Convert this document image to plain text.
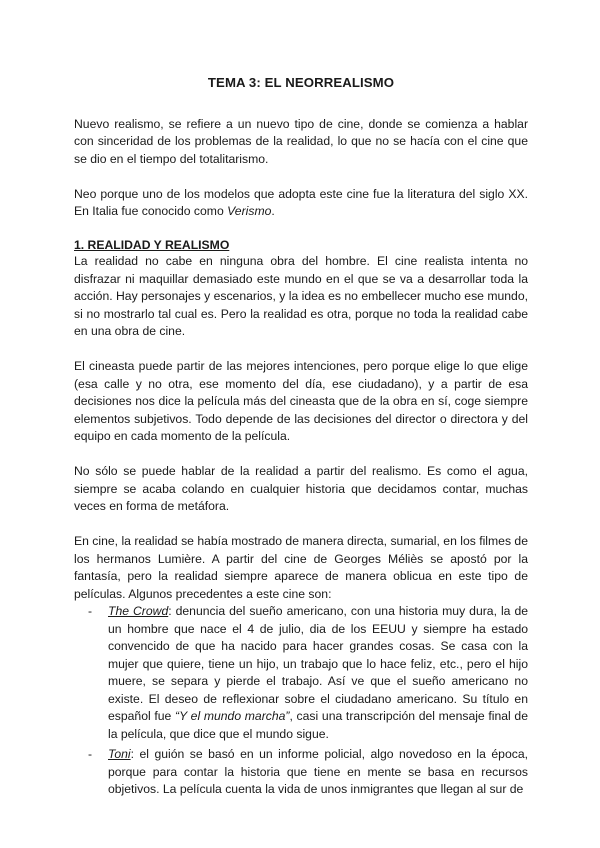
TEMA 3: EL NEORREALISMO

Nuevo realismo, se refiere a un nuevo tipo de cine, donde se comienza a hablar con sinceridad de los problemas de la realidad, lo que no se hacía con el cine que se dio en el tiempo del totalitarismo.

Neo porque uno de los modelos que adopta este cine fue la literatura del siglo XX. En Italia fue conocido como Verismo.

1. REALIDAD Y REALISMO

La realidad no cabe en ninguna obra del hombre. El cine realista intenta no disfrazar ni maquillar demasiado este mundo en el que se va a desarrollar toda la acción. Hay personajes y escenarios, y la idea es no embellecer mucho ese mundo, si no mostrarlo tal cual es. Pero la realidad es otra, porque no toda la realidad cabe en una obra de cine.

El cineasta puede partir de las mejores intenciones, pero porque elige lo que elige (esa calle y no otra, ese momento del día, ese ciudadano), y a partir de esa decisiones nos dice la película más del cineasta que de la obra en sí, coge siempre elementos subjetivos. Todo depende de las decisiones del director o directora y del equipo en cada momento de la película.

No sólo se puede hablar de la realidad a partir del realismo. Es como el agua, siempre se acaba colando en cualquier historia que decidamos contar, muchas veces en forma de metáfora.

En cine, la realidad se había mostrado de manera directa, sumarial, en los filmes de los hermanos Lumière. A partir del cine de Georges Méliès se apostó por la fantasía, pero la realidad siempre aparece de manera oblicua en este tipo de películas. Algunos precedentes a este cine son:

- The Crowd: denuncia del sueño americano, con una historia muy dura, la de un hombre que nace el 4 de julio, dia de los EEUU y siempre ha estado convencido de que ha nacido para hacer grandes cosas. Se casa con la mujer que quiere, tiene un hijo, un trabajo que lo hace feliz, etc., pero el hijo muere, se separa y pierde el trabajo. Así ve que el sueño americano no existe. El deseo de reflexionar sobre el ciudadano americano. Su título en español fue “Y el mundo marcha”, casi una transcripción del mensaje final de la película, que dice que el mundo sigue.
- Toni: el guión se basó en un informe policial, algo novedoso en la época, porque para contar la historia que tiene en mente se basa en recursos objetivos. La película cuenta la vida de unos inmigrantes que llegan al sur de
